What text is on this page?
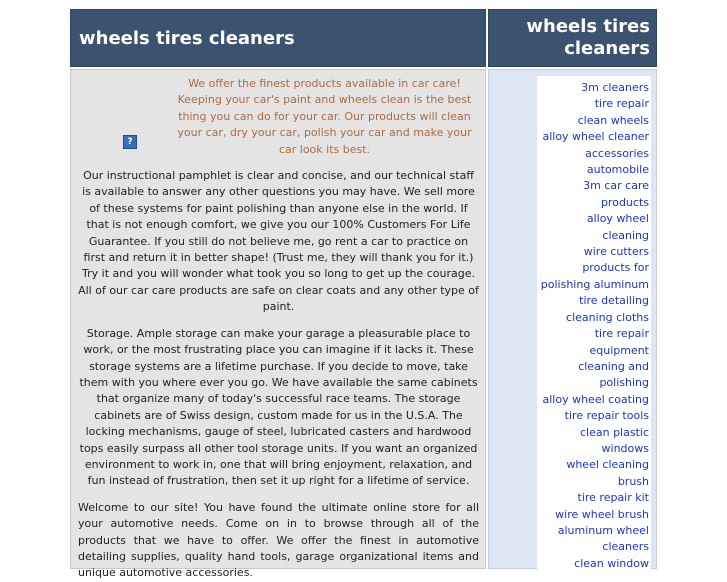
wheels tires cleaners
wheels tires cleaners
?

We offer the finest products available in car care! Keeping your car's paint and wheels clean is the best thing you can do for your car. Our products will clean your car, dry your car, polish your car and make your car look its best.

Our instructional pamphlet is clear and concise, and our technical staff is available to answer any other questions you may have. We sell more of these systems for paint polishing than anyone else in the world. If that is not enough comfort, we give you our 100% Customers For Life Guarantee. If you still do not believe me, go rent a car to practice on first and return it in better shape! (Trust me, they will thank you for it.) Try it and you will wonder what took you so long to get up the courage. All of our car care products are safe on clear coats and any other type of paint.

Storage. Ample storage can make your garage a pleasurable place to work, or the most frustrating place you can imagine if it lacks it. These storage systems are a lifetime purchase. If you decide to move, take them with you where ever you go. We have available the same cabinets that organize many of today's successful race teams. The storage cabinets are of Swiss design, custom made for us in the U.S.A. The locking mechanisms, gauge of steel, lubricated casters and hardwood tops easily surpass all other tool storage units. If you want an organized environment to work in, one that will bring enjoyment, relaxation, and fun instead of frustration, then set it up right for a lifetime of service.

Welcome to our site! You have found the ultimate online store for all your automotive needs. Come on in to browse through all of the products that we have to offer. We offer the finest in automotive detailing supplies, quality hand tools, garage organizational items and unique automotive accessories.

3m cleaners
tire repair
clean wheels
alloy wheel cleaner
accessories
automobile
3m car care
products
alloy wheel cleaning
wire cutters
products for
polishing aluminum
tire detailing
cleaning cloths
tire repair
equipment
cleaning and
polishing
alloy wheel coating
tire repair tools
clean plastic
windows
wheel cleaning
brush
tire repair kit
wire wheel brush
aluminum wheel
cleaners
clean window
